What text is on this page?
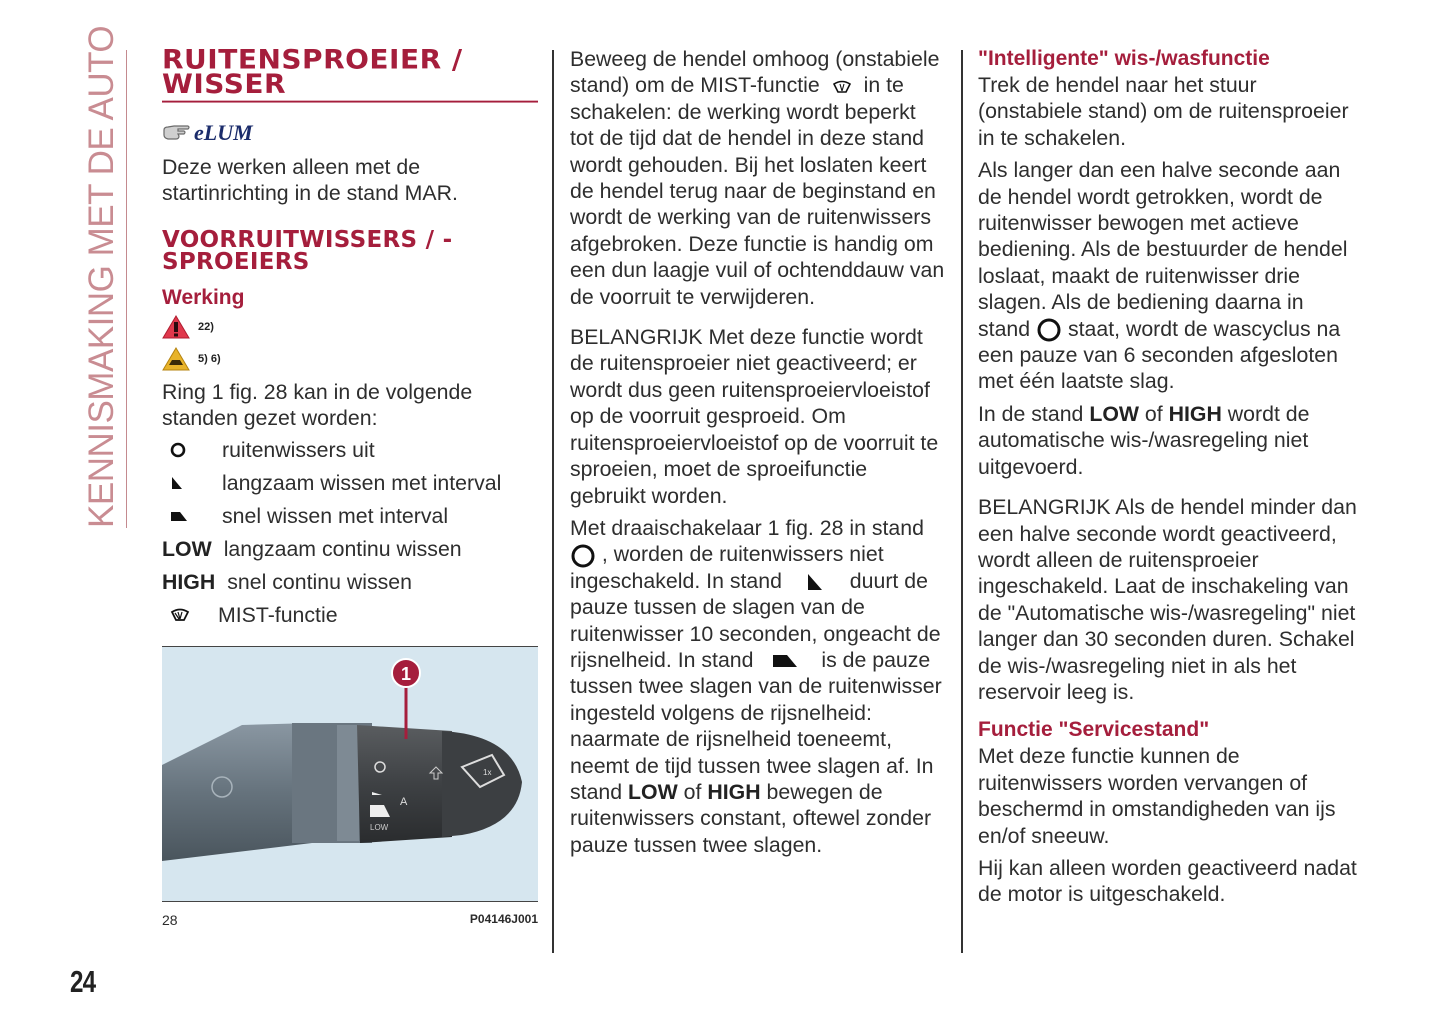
KENNISMAKING MET DE AUTO
24
RUITENSPROEIER / WISSER
eLUM

Deze werken alleen met de startinrichting in de stand MAR.

VOORRUITWISSERS / -SPROEIERS
Werking
22)
5) 6)

Ring 1 fig. 28 kan in de volgende standen gezet worden:

ruitenwissers uit
langzaam wissen met interval
snel wissen met interval
LOW langzaam continu wissen
HIGH snel continu wissen
MIST-functie
A
LOW
1x
1
28	P04146J001

Beweeg de hendel omhoog (onstabiele stand) om de MIST-functie in te schakelen: de werking wordt beperkt tot de tijd dat de hendel in deze stand wordt gehouden. Bij het loslaten keert de hendel terug naar de beginstand en wordt de werking van de ruitenwissers afgebroken. Deze functie is handig om een dun laagje vuil of ochtenddauw van de voorruit te verwijderen.

BELANGRIJK Met deze functie wordt de ruitensproeier niet geactiveerd; er wordt dus geen ruitensproeiervloeistof op de voorruit gesproeid. Om ruitensproeiervloeistof op de voorruit te sproeien, moet de sproeifunctie gebruikt worden.

Met draaischakelaar 1 fig. 28 in stand  , worden de ruitenwissers niet ingeschakeld. In stand	duurt de pauze tussen de slagen van de ruitenwisser 10 seconden, ongeacht de rijsnelheid. In stand	is de pauze tussen twee slagen van de ruitenwisser ingesteld volgens de rijsnelheid: naarmate de rijsnelheid toeneemt, neemt de tijd tussen twee slagen af. In stand LOW of HIGH bewegen de ruitenwissers constant, oftewel zonder pauze tussen twee slagen.

"Intelligente" wis-/wasfunctie

Trek de hendel naar het stuur (onstabiele stand) om de ruitensproeier in te schakelen.

Als langer dan een halve seconde aan de hendel wordt getrokken, wordt de ruitenwisser bewogen met actieve bediening. Als de bestuurder de hendel loslaat, maakt de ruitenwisser drie slagen. Als de bediening daarna in stand staat, wordt de wascyclus na een pauze van 6 seconden afgesloten met één laatste slag.

In de stand LOW of HIGH wordt de automatische wis-/wasregeling niet uitgevoerd.

BELANGRIJK Als de hendel minder dan een halve seconde wordt geactiveerd, wordt alleen de ruitensproeier ingeschakeld. Laat de inschakeling van de "Automatische wis-/wasregeling" niet langer dan 30 seconden duren. Schakel de wis-/wasregeling niet in als het reservoir leeg is.

Functie "Servicestand"

Met deze functie kunnen de ruitenwissers worden vervangen of beschermd in omstandigheden van ijs en/of sneeuw.

Hij kan alleen worden geactiveerd nadat de motor is uitgeschakeld.
